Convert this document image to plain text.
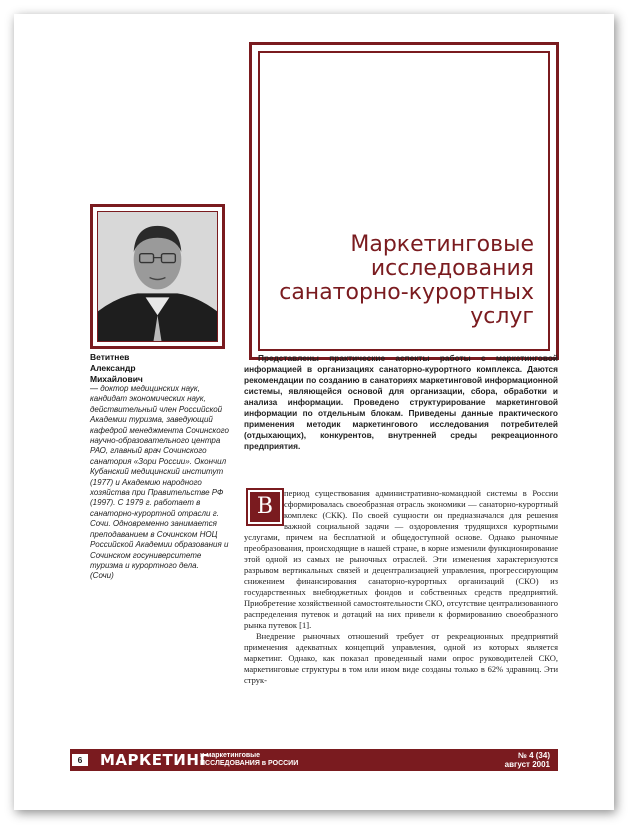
Маркетинговые
исследования
санаторно-курортных
услуг
Ветитнев
Александр
Михайлович
— доктор медицинских наук, кандидат экономических наук, действительный член Российской Академии туризма, заведующий кафедрой менеджмента Сочинского научно-образовательного центра РАО, главный врач Сочинского санатория «Зори России». Окончил Кубанский медицинский институт (1977) и Академию народного хозяйства при Правительстве РФ (1997). С 1979 г. работает в санаторно-курортной отрасли г. Сочи. Одновременно занимается преподаванием в Сочинском НОЦ Российской Академии образования и Сочинском госуниверситете туризма и курортного дела.
(Сочи)

Представлены практические аспекты работы с маркетинговой информацией в организациях санаторно-курортного комплекса. Даются рекомендации по созданию в санаториях маркетинговой информационной системы, являющейся основой для организации, сбора, обработки и анализа информации. Проведено структурирование маркетинговой информации по отдельным блокам. Приведены данные практического применения методик маркетингового исследования потребителей (отдыхающих), конкурентов, внутренней среды рекреационного предприятия.

период существования административно-командной системы в России сформировалась своеобразная отрасль экономики — санаторно-курортный комплекс (СКК). По своей сущности он предназначался для решения важной социальной задачи — оздоровления трудящихся курортными услугами, причем на бесплатной и общедоступной основе. Однако рыночные преобразования, происходящие в нашей стране, в корне изменили функционирование этой одной из самых не рыночных отраслей. Эти изменения характеризуются разрывом вертикальных связей и децентрализацией управления, прогрессирующим снижением финансирования санаторно-курортных организаций (СКО) из государственных внебюджетных фондов и собственных средств предприятий. Приобретение хозяйственной самостоятельности СКО, отсутствие централизованного распределения путевок и дотаций на них привели к формированию своеобразного рынка путевок [1].

Внедрение рыночных отношений требует от рекреационных предприятий применения адекватных концепций управления, одной из которых является маркетинг. Однако, как показал проведенный нами опрос руководителей СКО, маркетинговые структуры в том или ином виде созданы только в 62% здравниц. Эти струк-

В
6	МАРКЕТИНГ
и маркетинговые
ИССЛЕДОВАНИЯ в РОССИИ
№ 4 (34)
август 2001
